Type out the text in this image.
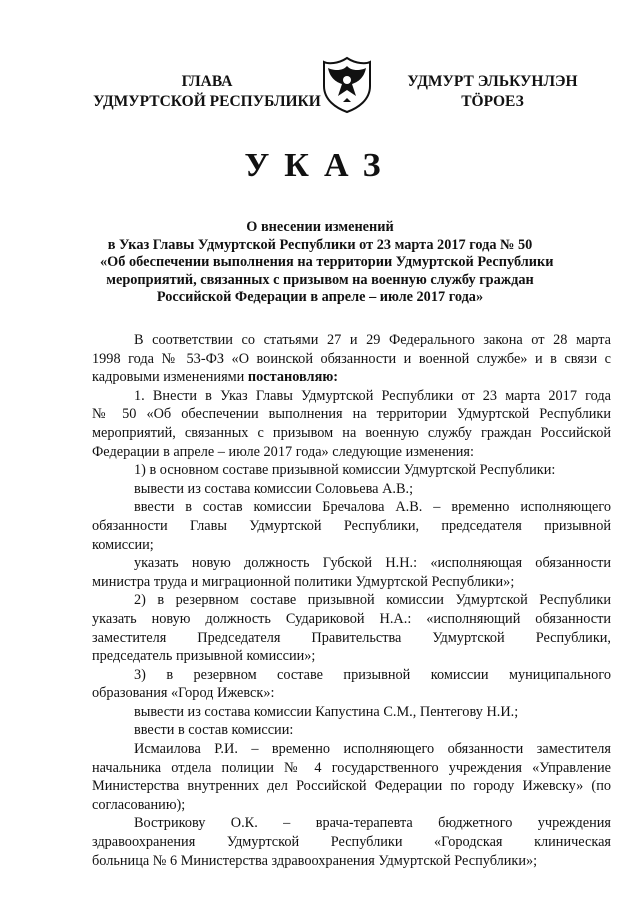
ГЛАВА
УДМУРТСКОЙ РЕСПУБЛИКИ
УДМУРТ ЭЛЬКУНЛЭН
ТÖРОЕЗ
УКАЗ
О внесении изменений
в Указ Главы Удмуртской Республики от 23 марта 2017 года № 50
«Об обеспечении выполнения на территории Удмуртской Республики
мероприятий, связанных с призывом на военную службу граждан
Российской Федерации в апреле – июле 2017 года»
В соответствии со статьями 27 и 29 Федерального закона от 28 марта
1998 года № 53-ФЗ «О воинской обязанности и военной службе» и в связи с
кадровыми изменениями постановляю:
1. Внести в Указ Главы Удмуртской Республики от 23 марта 2017 года
№ 50 «Об обеспечении выполнения на территории Удмуртской Республики
мероприятий, связанных с призывом на военную службу граждан Российской
Федерации в апреле – июле 2017 года» следующие изменения:
1) в основном составе призывной комиссии Удмуртской Республики:
вывести из состава комиссии Соловьева А.В.;
ввести в состав комиссии Бречалова А.В. – временно исполняющего
обязанности Главы Удмуртской Республики, председателя призывной
комиссии;
указать новую должность Губской Н.Н.: «исполняющая обязанности
министра труда и миграционной политики Удмуртской Республики»;
2) в резервном составе призывной комиссии Удмуртской Республики
указать новую должность Судариковой Н.А.: «исполняющий обязанности
заместителя Председателя Правительства Удмуртской Республики,
председатель призывной комиссии»;
3) в резервном составе призывной комиссии муниципального
образования «Город Ижевск»:
вывести из состава комиссии Капустина С.М., Пентегову Н.И.;
ввести в состав комиссии:
Исмаилова Р.И. – временно исполняющего обязанности заместителя
начальника отдела полиции № 4 государственного учреждения «Управление
Министерства внутренних дел Российской Федерации по городу Ижевску» (по
согласованию);
Вострикову О.К. – врача-терапевта бюджетного учреждения
здравоохранения Удмуртской Республики «Городская клиническая
больница № 6 Министерства здравоохранения Удмуртской Республики»;
